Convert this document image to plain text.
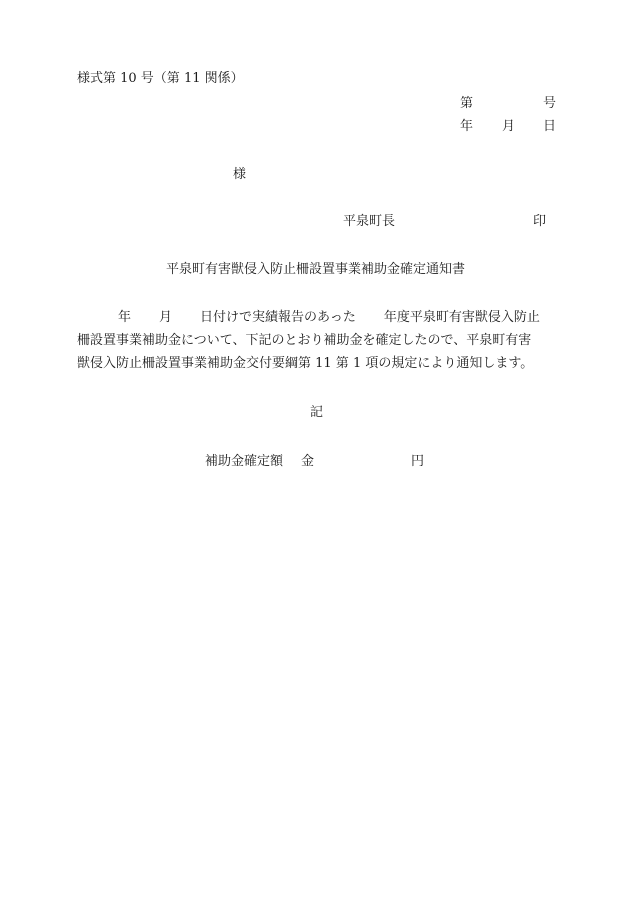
様式第 10 号（第 11 関係）
第	号
年 月 日
様
平泉町長	印
平泉町有害獣侵入防止柵設置事業補助金確定通知書
年 月 日付けで実績報告のあった 年度平泉町有害獣侵入防止
柵設置事業補助金について、下記のとおり補助金を確定したので、平泉町有害
獣侵入防止柵設置事業補助金交付要綱第 11 第 1 項の規定により通知します。
記
補助金確定額 金	円
